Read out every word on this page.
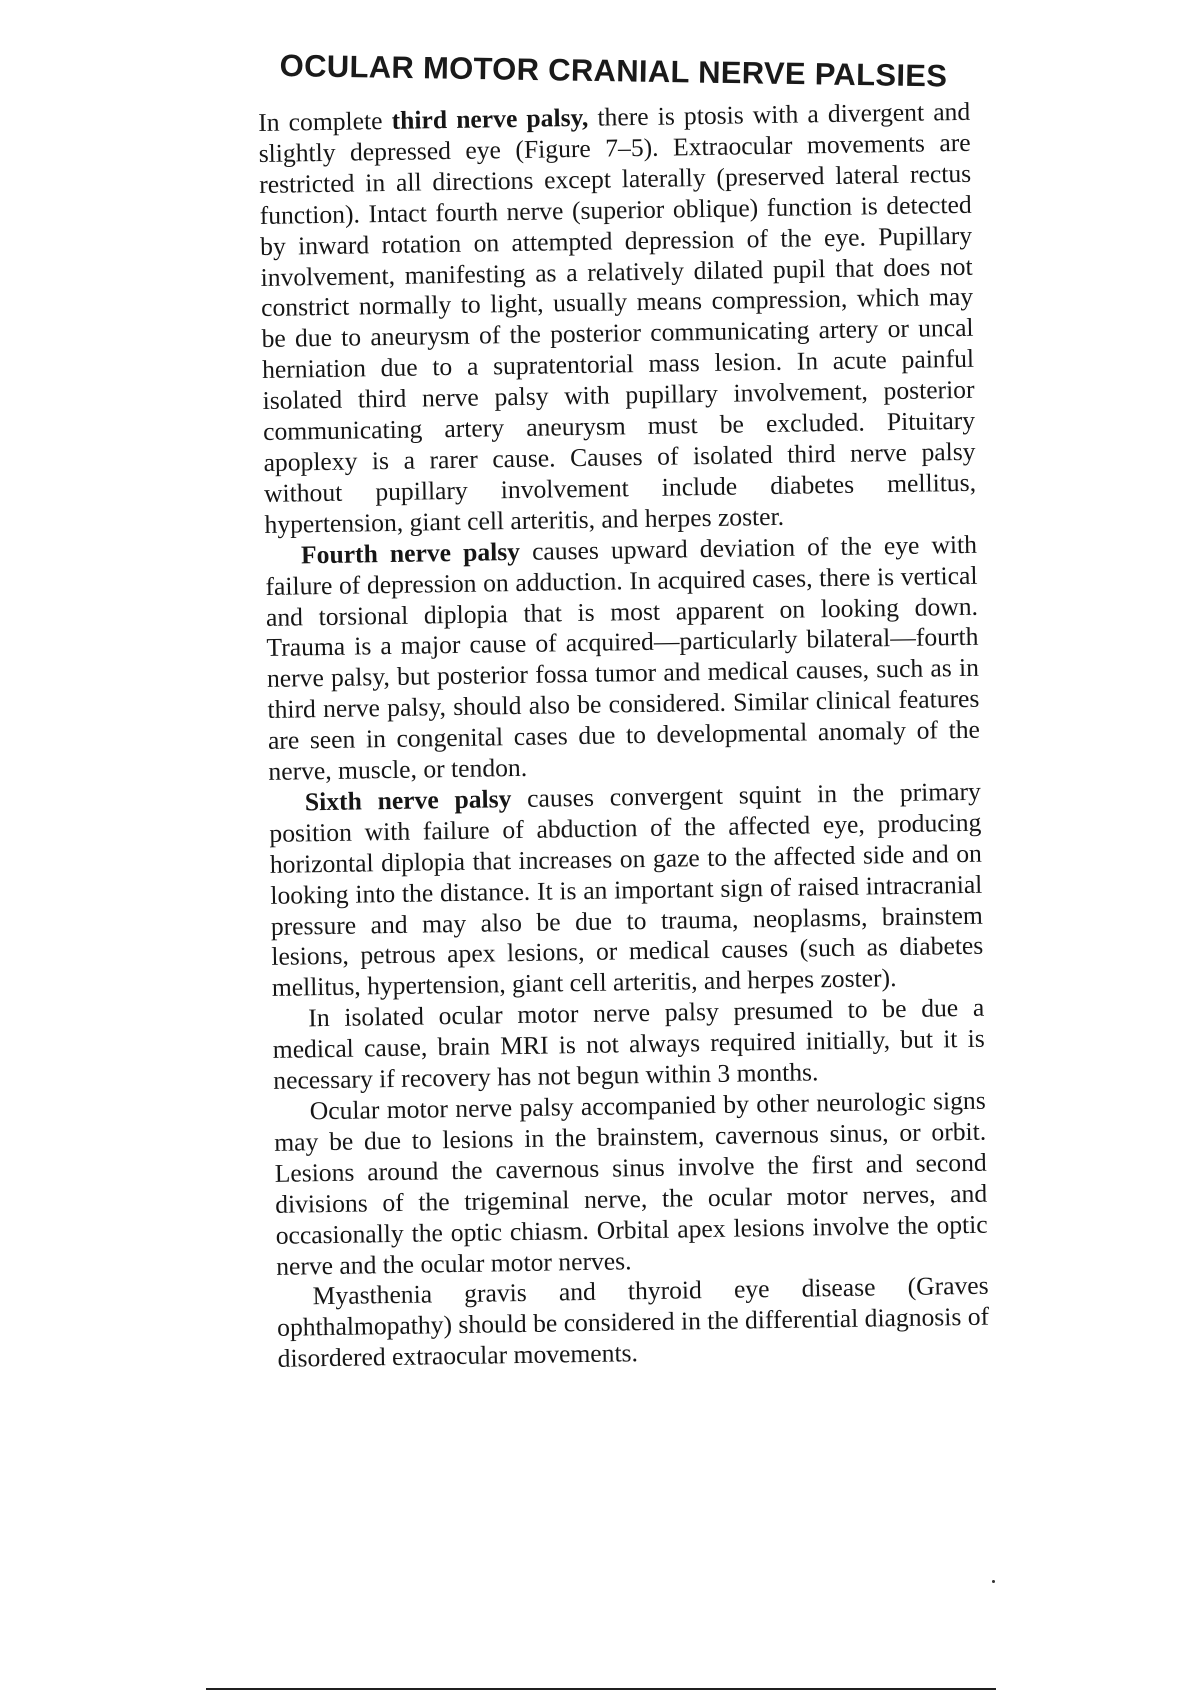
OCULAR MOTOR CRANIAL NERVE PALSIES

In complete third nerve palsy, there is ptosis with a divergent and slightly depressed eye (Figure 7–5). Extraocular movements are restricted in all directions except laterally (preserved lateral rectus function). Intact fourth nerve (superior oblique) function is detected by inward rotation on attempted depression of the eye. Pupillary involvement, manifesting as a relatively dilated pupil that does not constrict normally to light, usually means compression, which may be due to aneurysm of the posterior communicating artery or uncal herniation due to a supratentorial mass lesion. In acute painful isolated third nerve palsy with pupillary involvement, posterior communicating artery aneurysm must be excluded. Pituitary apoplexy is a rarer cause. Causes of isolated third nerve palsy without pupillary involvement include diabetes mellitus, hypertension, giant cell arteritis, and herpes zoster.

Fourth nerve palsy causes upward deviation of the eye with failure of depression on adduction. In acquired cases, there is vertical and torsional diplopia that is most apparent on looking down. Trauma is a major cause of acquired—particularly bilateral—fourth nerve palsy, but posterior fossa tumor and medical causes, such as in third nerve palsy, should also be considered. Similar clinical features are seen in congenital cases due to developmental anomaly of the nerve, muscle, or tendon.

Sixth nerve palsy causes convergent squint in the primary position with failure of abduction of the affected eye, producing horizontal diplopia that increases on gaze to the affected side and on looking into the distance. It is an important sign of raised intracranial pressure and may also be due to trauma, neoplasms, brainstem lesions, petrous apex lesions, or medical causes (such as diabetes mellitus, hypertension, giant cell arteritis, and herpes zoster).

In isolated ocular motor nerve palsy presumed to be due a medical cause, brain MRI is not always required initially, but it is necessary if recovery has not begun within 3 months.

Ocular motor nerve palsy accompanied by other neurologic signs may be due to lesions in the brainstem, cavernous sinus, or orbit. Lesions around the cavernous sinus involve the first and second divisions of the trigeminal nerve, the ocular motor nerves, and occasionally the optic chiasm. Orbital apex lesions involve the optic nerve and the ocular motor nerves.

Myasthenia gravis and thyroid eye disease (Graves ophthalmopathy) should be considered in the differential diagnosis of disordered extraocular movements.
